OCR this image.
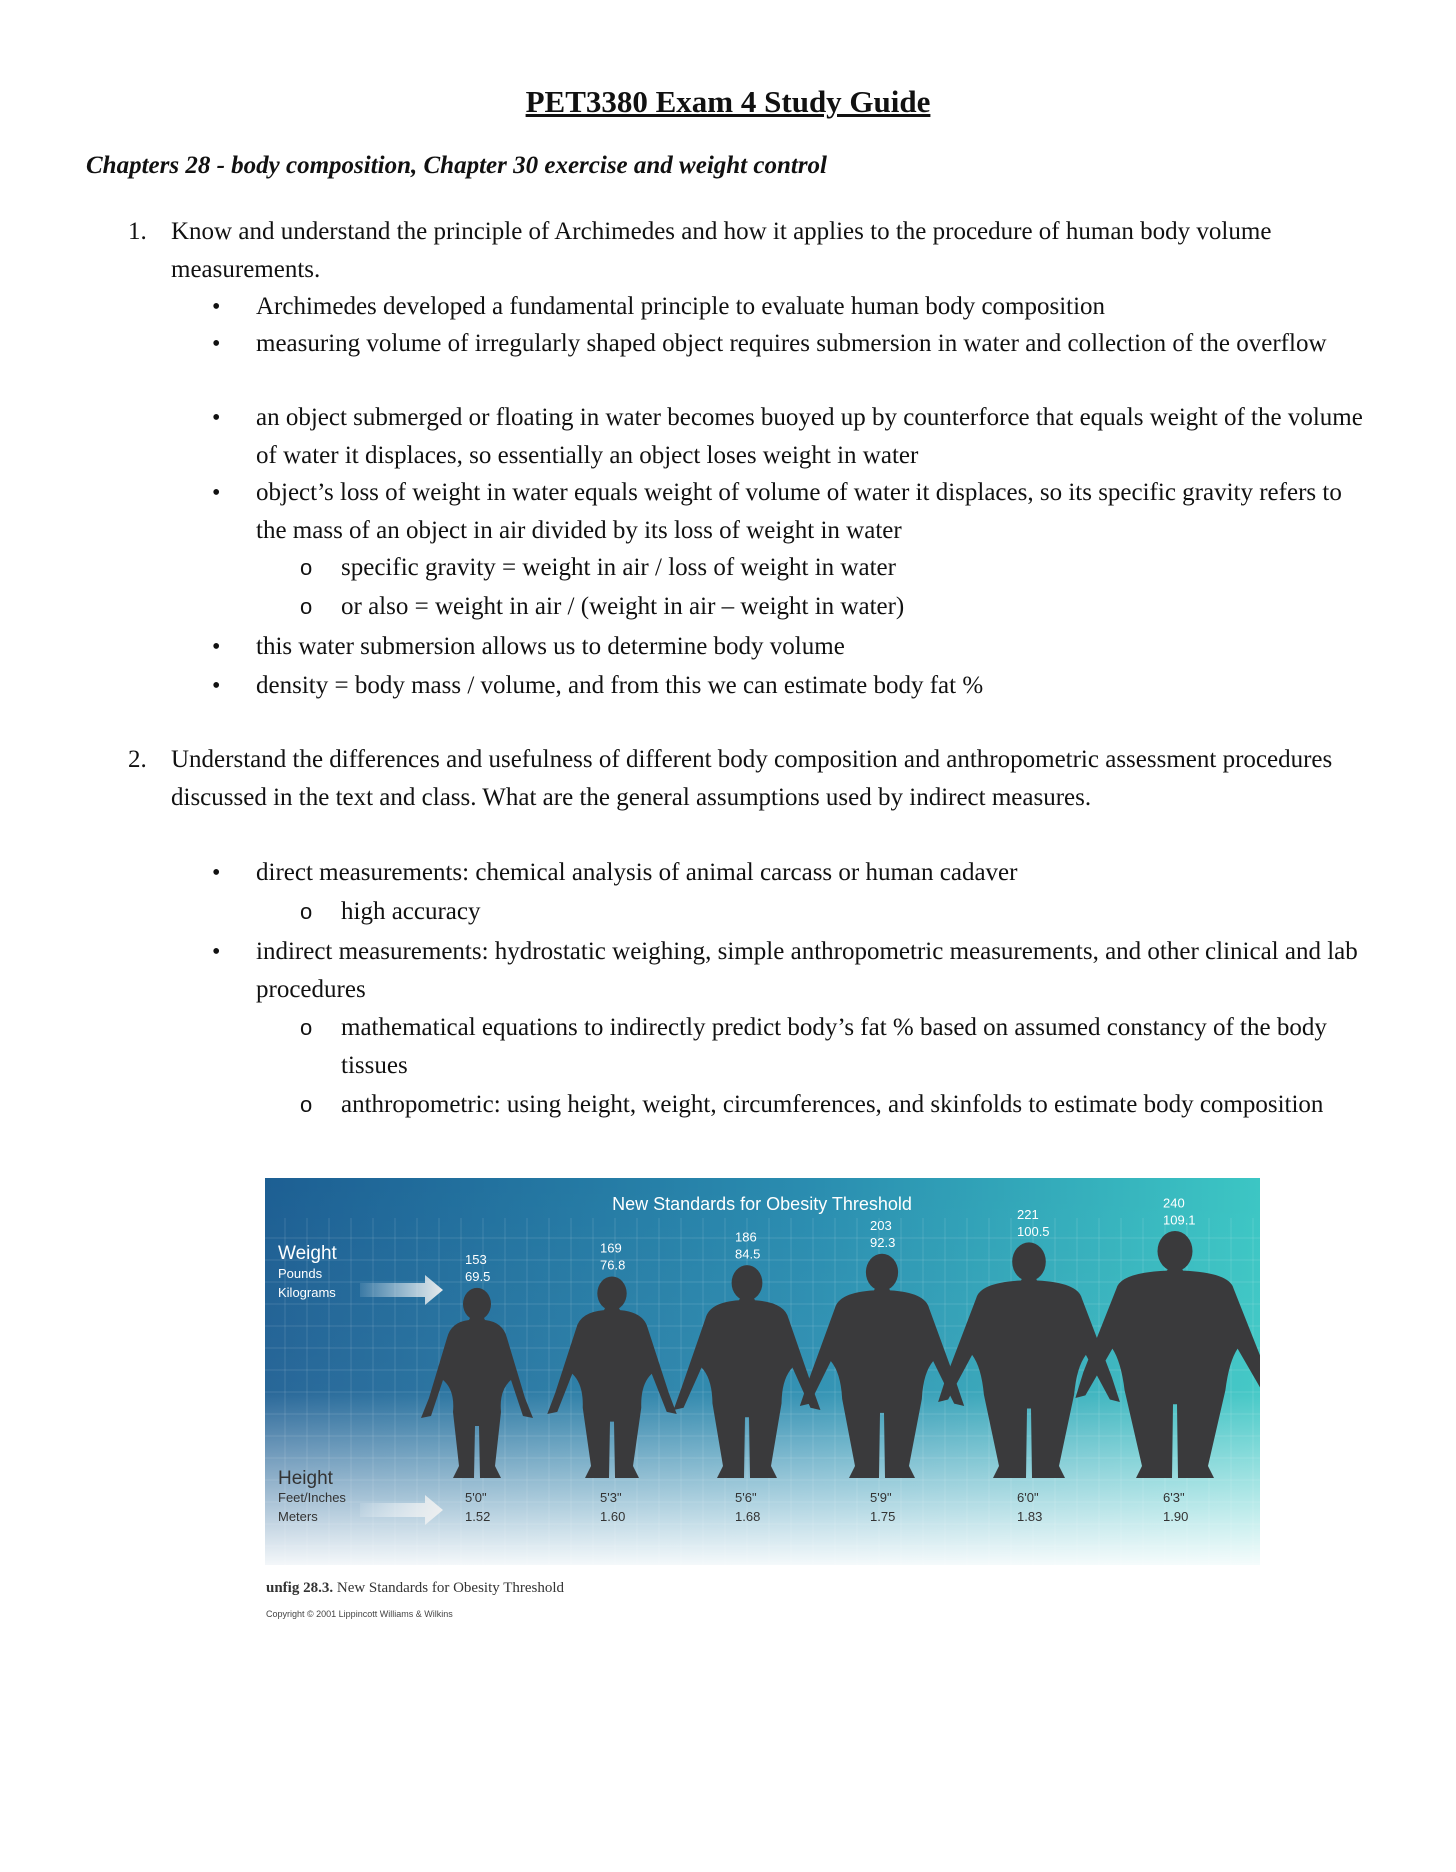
PET3380 Exam 4 Study Guide

Chapters 28 - body composition, Chapter 30 exercise and weight control

1. Know and understand the principle of Archimedes and how it applies to the procedure of human body volume measurements.
• Archimedes developed a fundamental principle to evaluate human body composition
• measuring volume of irregularly shaped object requires submersion in water and collection of the overflow
• an object submerged or floating in water becomes buoyed up by counterforce that equals weight of the volume of water it displaces, so essentially an object loses weight in water
• object’s loss of weight in water equals weight of volume of water it displaces, so its specific gravity refers to the mass of an object in air divided by its loss of weight in water
o specific gravity = weight in air / loss of weight in water
o or also = weight in air / (weight in air – weight in water)
• this water submersion allows us to determine body volume
• density = body mass / volume, and from this we can estimate body fat %
2. Understand the differences and usefulness of different body composition and anthropometric assessment procedures discussed in the text and class. What are the general assumptions used by indirect measures.
• direct measurements: chemical analysis of animal carcass or human cadaver
o high accuracy
• indirect measurements: hydrostatic weighing, simple anthropometric measurements, and other clinical and lab procedures
o mathematical equations to indirectly predict body’s fat % based on assumed constancy of the body tissues
o anthropometric: using height, weight, circumferences, and skinfolds to estimate body composition
New Standards for Obesity Threshold
Weight
Pounds
Kilograms
Height
Feet/Inches
Meters
153
69.5
5'0"
1.52
169
76.8
5'3"
1.60
186
84.5
5'6"
1.68
203
92.3
5'9"
1.75
221
100.5
6'0"
1.83
240
109.1
6'3"
1.90
unfig 28.3. New Standards for Obesity Threshold
Copyright © 2001 Lippincott Williams & Wilkins
